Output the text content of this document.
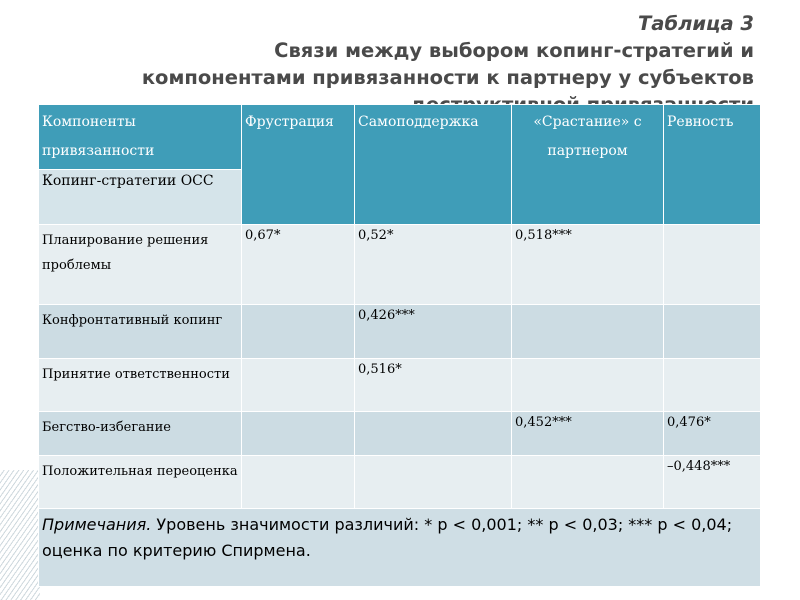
Таблица 3
Связи между выбором копинг-стратегий и
компонентами привязанности к партнеру у субъектов

Компоненты привязанности	Фрустрация	Самоподдержка	«Срастание» с партнером	Ревность
Копинг-стратегии ОСС				
Планирование решения проблемы	0,67*	0,52*	0,518***	
Конфронтативный копинг		0,426***		
Принятие ответственности		0,516*		
Бегство-избегание			0,452***	0,476*
Положительная переоценка				–0,448***
Примечания. Уровень значимости различий: * p < 0,001; ** p < 0,03; *** p < 0,04; оценка по критерию Спирмена.				
